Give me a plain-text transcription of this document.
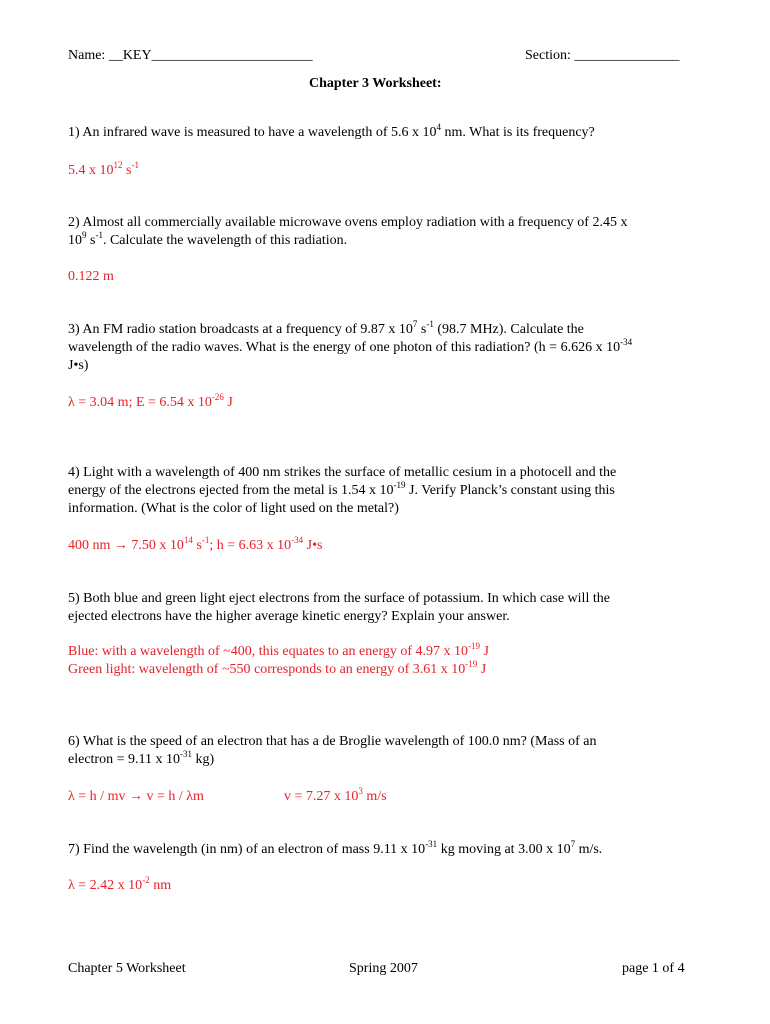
Name: __KEY_______________________	Section: _______________
Chapter 3 Worksheet:
1) An infrared wave is measured to have a wavelength of 5.6 x $10^4$ nm. What is its frequency?
5.4 x $10^{12}$ $s^{-1}$
2) Almost all commercially available microwave ovens employ radiation with a frequency of 2.45 x
$10^9$ $s^{-1}$. Calculate the wavelength of this radiation.
0.122 m
3) An FM radio station broadcasts at a frequency of 9.87 x $10^7$ $s^{-1}$ (98.7 MHz). Calculate the
wavelength of the radio waves. What is the energy of one photon of this radiation? (h = 6.626 x $10^{-34}$
J•s)
λ = 3.04 m; E = 6.54 x $10^{-26}$ J
4) Light with a wavelength of 400 nm strikes the surface of metallic cesium in a photocell and the
energy of the electrons ejected from the metal is 1.54 x $10^{-19}$ J. Verify Planck’s constant using this
information. (What is the color of light used on the metal?)
400 nm → 7.50 x $10^{14}$ $s^{-1}$; h = 6.63 x $10^{-34}$ J•s
5) Both blue and green light eject electrons from the surface of potassium. In which case will the
ejected electrons have the higher average kinetic energy? Explain your answer.
Blue: with a wavelength of ~400, this equates to an energy of 4.97 x $10^{-19}$ J
Green light: wavelength of ~550 corresponds to an energy of 3.61 x $10^{-19}$ J
6) What is the speed of an electron that has a de Broglie wavelength of 100.0 nm? (Mass of an
electron = 9.11 x $10^{-31}$ kg)
λ = h / mv → v = h / λm	v = 7.27 x $10^3$ m/s
7) Find the wavelength (in nm) of an electron of mass 9.11 x $10^{-31}$ kg moving at 3.00 x $10^7$ m/s.
λ = 2.42 x $10^{-2}$ nm
Chapter 5 Worksheet	Spring 2007	page 1 of 4
